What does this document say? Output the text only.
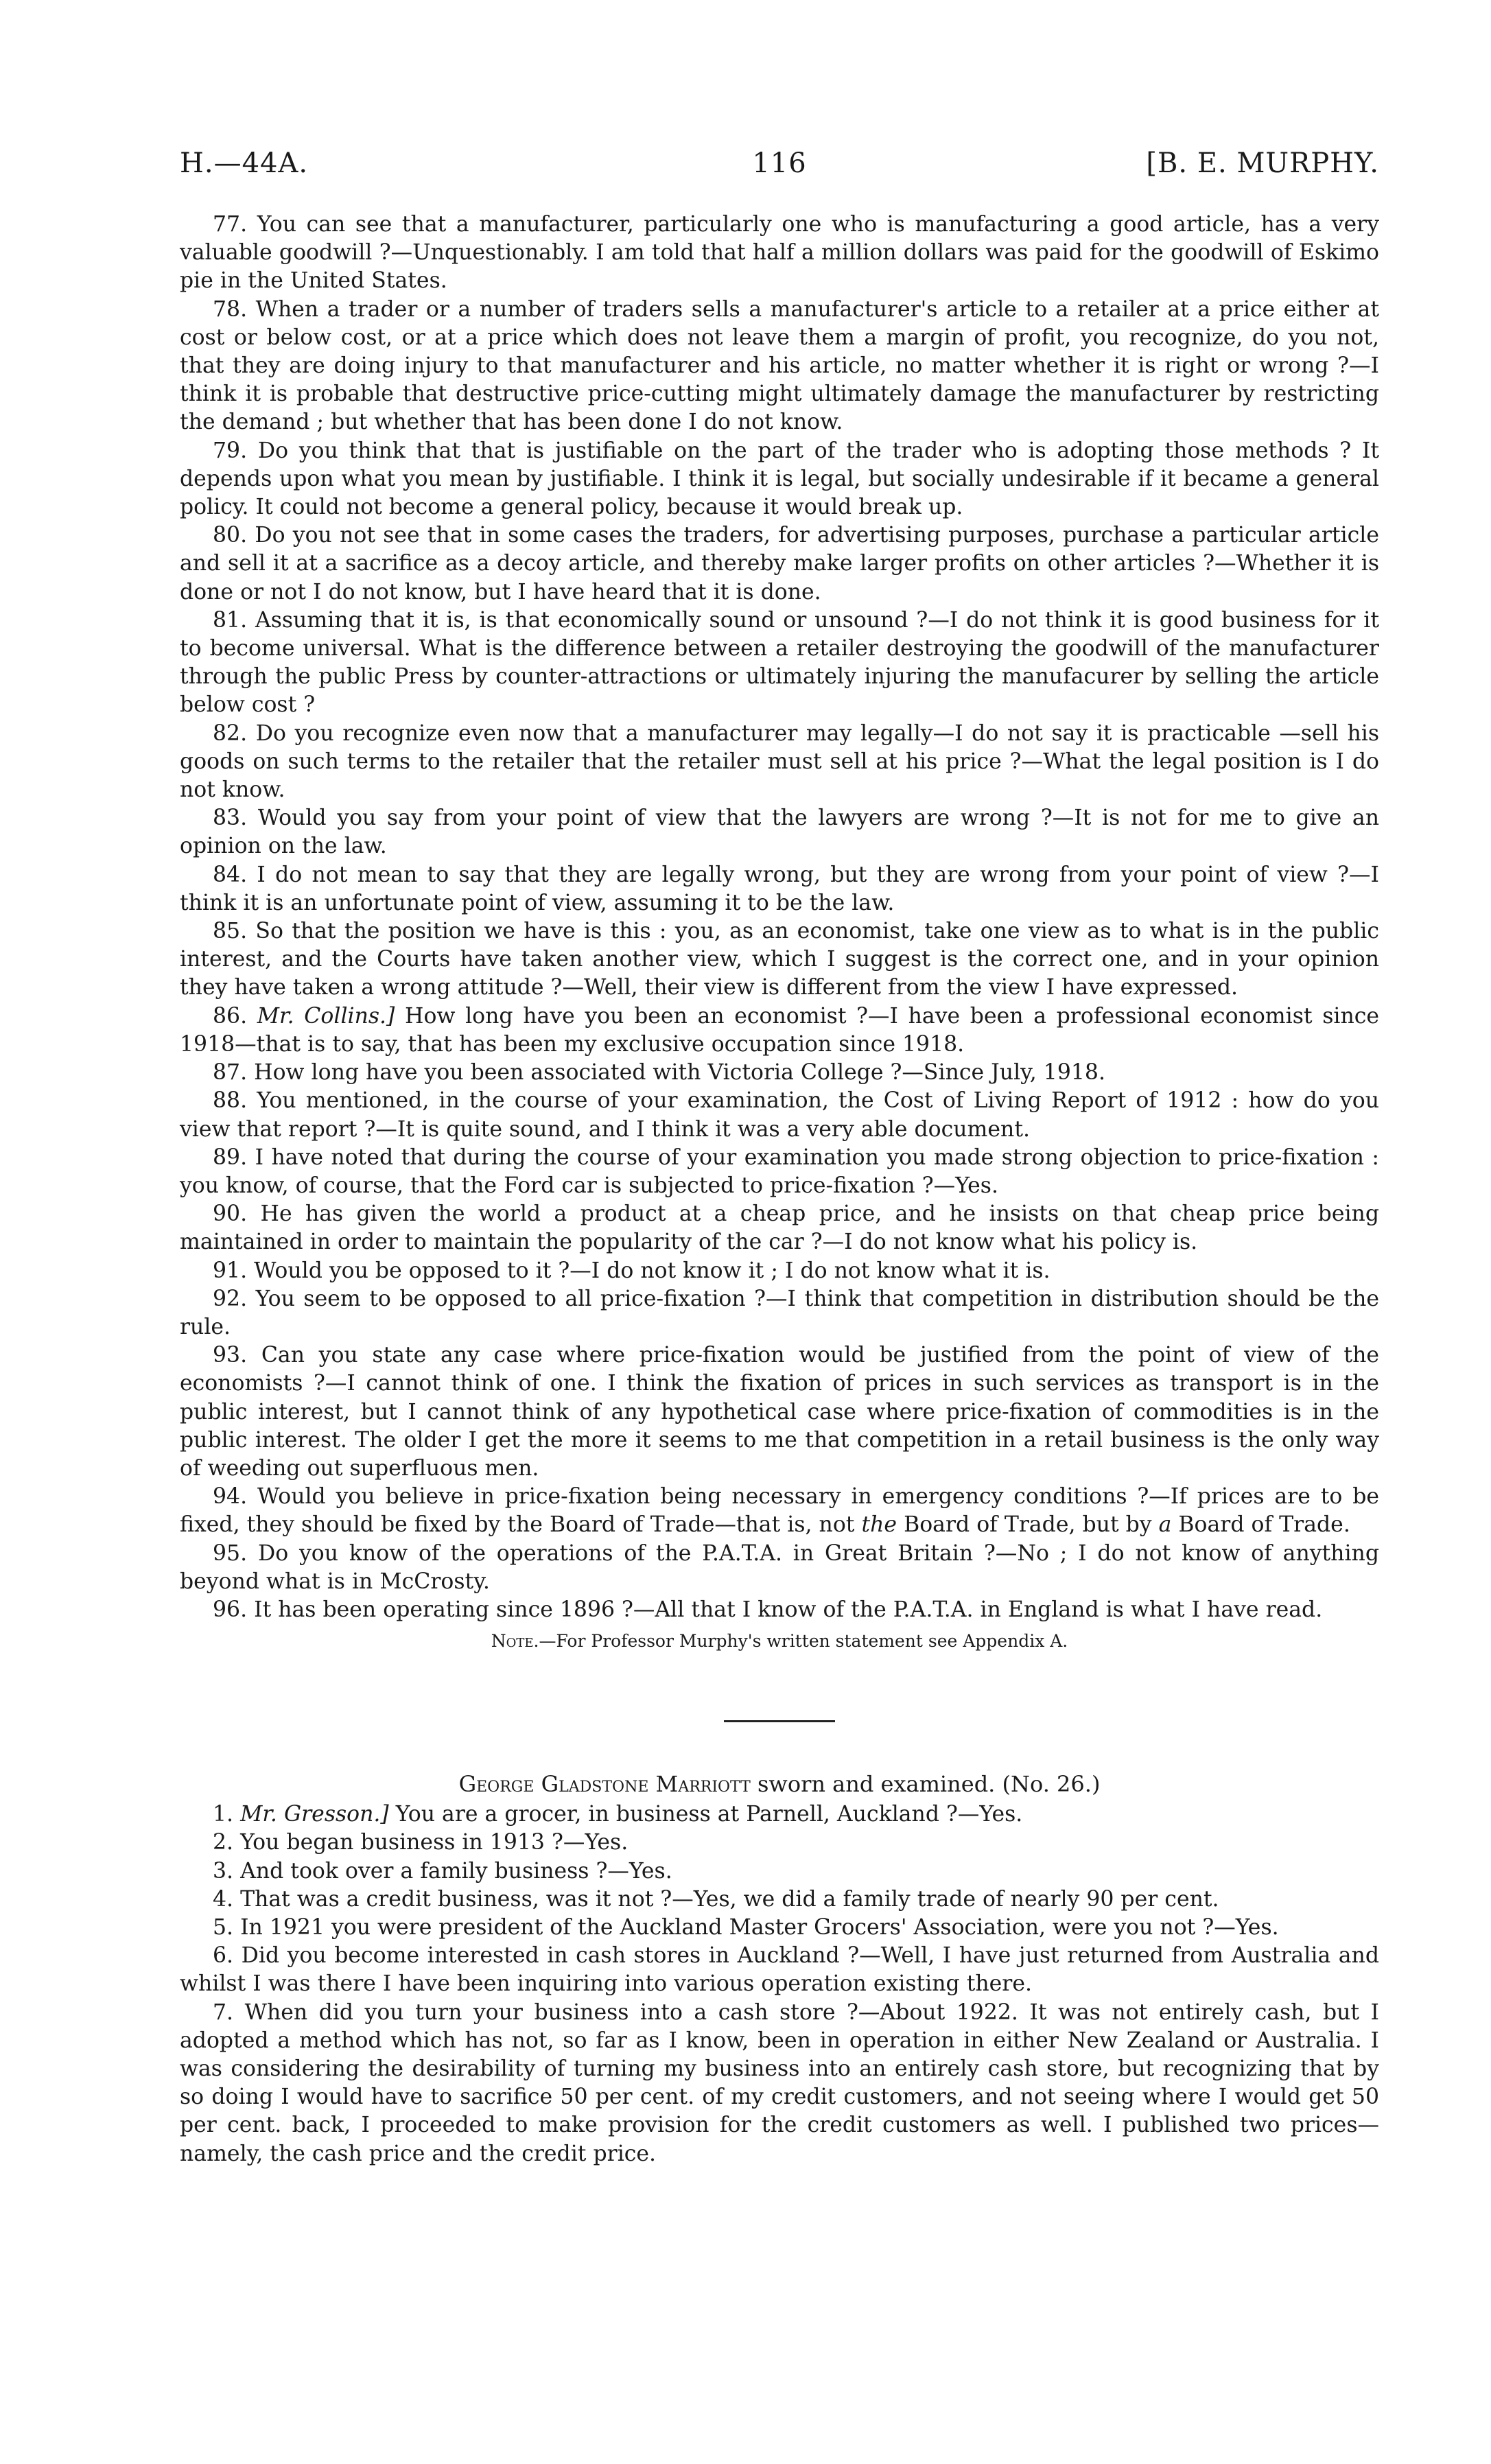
H.—44A.	116	[B. E. MURPHY.

77. You can see that a manufacturer, particularly one who is manufacturing a good article, has a very valuable goodwill ?—Unquestionably. I am told that half a million dollars was paid for the goodwill of Eskimo pie in the United States.

78. When a trader or a number of traders sells a manufacturer's article to a retailer at a price either at cost or below cost, or at a price which does not leave them a margin of profit, you recognize, do you not, that they are doing injury to that manufacturer and his article, no matter whether it is right or wrong ?—I think it is probable that destructive price-cutting might ultimately damage the manufacturer by restricting the demand ; but whether that has been done I do not know.

79. Do you think that that is justifiable on the part of the trader who is adopting those methods ? It depends upon what you mean by justifiable. I think it is legal, but socially undesirable if it became a general policy. It could not become a general policy, because it would break up.

80. Do you not see that in some cases the traders, for advertising purposes, purchase a particular article and sell it at a sacrifice as a decoy article, and thereby make larger profits on other articles ?—Whether it is done or not I do not know, but I have heard that it is done.

81. Assuming that it is, is that economically sound or unsound ?—I do not think it is good business for it to become universal. What is the difference between a retailer destroying the goodwill of the manufacturer through the public Press by counter-attractions or ultimately injuring the manufacurer by selling the article below cost ?

82. Do you recognize even now that a manufacturer may legally—I do not say it is practicable —sell his goods on such terms to the retailer that the retailer must sell at his price ?—What the legal position is I do not know.

83. Would you say from your point of view that the lawyers are wrong ?—It is not for me to give an opinion on the law.

84. I do not mean to say that they are legally wrong, but they are wrong from your point of view ?—I think it is an unfortunate point of view, assuming it to be the law.

85. So that the position we have is this : you, as an economist, take one view as to what is in the public interest, and the Courts have taken another view, which I suggest is the correct one, and in your opinion they have taken a wrong attitude ?—Well, their view is different from the view I have expressed.

86. Mr. Collins.] How long have you been an economist ?—I have been a professional economist since 1918—that is to say, that has been my exclusive occupation since 1918.

87. How long have you been associated with Victoria College ?—Since July, 1918.

88. You mentioned, in the course of your examination, the Cost of Living Report of 1912 : how do you view that report ?—It is quite sound, and I think it was a very able document.

89. I have noted that during the course of your examination you made strong objection to price-fixation : you know, of course, that the Ford car is subjected to price-fixation ?—Yes.

90. He has given the world a product at a cheap price, and he insists on that cheap price being maintained in order to maintain the popularity of the car ?—I do not know what his policy is.

91. Would you be opposed to it ?—I do not know it ; I do not know what it is.

92. You seem to be opposed to all price-fixation ?—I think that competition in distribution should be the rule.

93. Can you state any case where price-fixation would be justified from the point of view of the economists ?—I cannot think of one. I think the fixation of prices in such services as transport is in the public interest, but I cannot think of any hypothetical case where price-fixation of commodities is in the public interest. The older I get the more it seems to me that competition in a retail business is the only way of weeding out superfluous men.

94. Would you believe in price-fixation being necessary in emergency conditions ?—If prices are to be fixed, they should be fixed by the Board of Trade—that is, not the Board of Trade, but by a Board of Trade.

95. Do you know of the operations of the P.A.T.A. in Great Britain ?—No ; I do not know of anything beyond what is in McCrosty.

96. It has been operating since 1896 ?—All that I know of the P.A.T.A. in England is what I have read.

Note.—For Professor Murphy's written statement see Appendix A.
George Gladstone Marriott sworn and examined. (No. 26.)

1. Mr. Gresson.] You are a grocer, in business at Parnell, Auckland ?—Yes.

2. You began business in 1913 ?—Yes.

3. And took over a family business ?—Yes.

4. That was a credit business, was it not ?—Yes, we did a family trade of nearly 90 per cent.

5. In 1921 you were president of the Auckland Master Grocers' Association, were you not ?—Yes.

6. Did you become interested in cash stores in Auckland ?—Well, I have just returned from Australia and whilst I was there I have been inquiring into various operation existing there.

7. When did you turn your business into a cash store ?—About 1922. It was not entirely cash, but I adopted a method which has not, so far as I know, been in operation in either New Zealand or Australia. I was considering the desirability of turning my business into an entirely cash store, but recognizing that by so doing I would have to sacrifice 50 per cent. of my credit customers, and not seeing where I would get 50 per cent. back, I proceeded to make provision for the credit customers as well. I published two prices—namely, the cash price and the credit price.
